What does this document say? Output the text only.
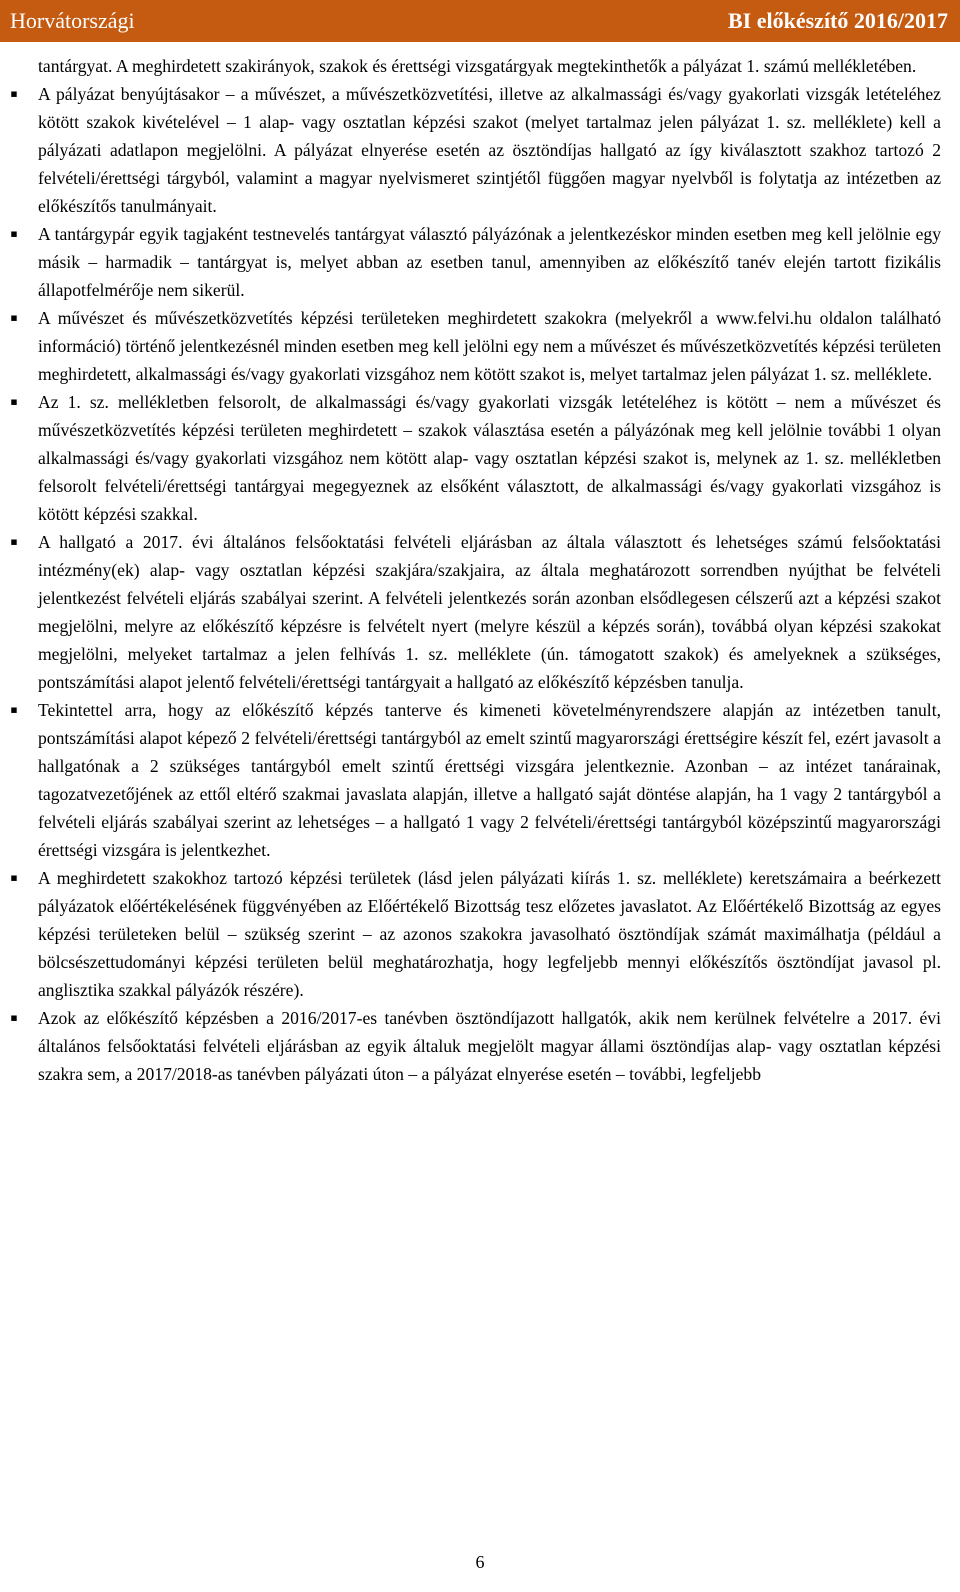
Horvátországi	BI előkészítő 2016/2017

tantárgyat. A meghirdetett szakirányok, szakok és érettségi vizsgatárgyak megtekinthetők a pályázat 1. számú mellékletében.

▪ A pályázat benyújtásakor – a művészet, a művészetközvetítési, illetve az alkalmassági és/vagy gyakorlati vizsgák letételéhez kötött szakok kivételével – 1 alap- vagy osztatlan képzési szakot (melyet tartalmaz jelen pályázat 1. sz. melléklete) kell a pályázati adatlapon megjelölni. A pályázat elnyerése esetén az ösztöndíjas hallgató az így kiválasztott szakhoz tartozó 2 felvételi/érettségi tárgyból, valamint a magyar nyelvismeret szintjétől függően magyar nyelvből is folytatja az intézetben az előkészítős tanulmányait.
▪ A tantárgypár egyik tagjaként testnevelés tantárgyat választó pályázónak a jelentkezéskor minden esetben meg kell jelölnie egy másik – harmadik – tantárgyat is, melyet abban az esetben tanul, amennyiben az előkészítő tanév elején tartott fizikális állapotfelmérője nem sikerül.
▪ A művészet és művészetközvetítés képzési területeken meghirdetett szakokra (melyekről a www.felvi.hu oldalon található információ) történő jelentkezésnél minden esetben meg kell jelölni egy nem a művészet és művészetközvetítés képzési területen meghirdetett, alkalmassági és/vagy gyakorlati vizsgához nem kötött szakot is, melyet tartalmaz jelen pályázat 1. sz. melléklete.
▪ Az 1. sz. mellékletben felsorolt, de alkalmassági és/vagy gyakorlati vizsgák letételéhez is kötött – nem a művészet és művészetközvetítés képzési területen meghirdetett – szakok választása esetén a pályázónak meg kell jelölnie további 1 olyan alkalmassági és/vagy gyakorlati vizsgához nem kötött alap- vagy osztatlan képzési szakot is, melynek az 1. sz. mellékletben felsorolt felvételi/érettségi tantárgyai megegyeznek az elsőként választott, de alkalmassági és/vagy gyakorlati vizsgához is kötött képzési szakkal.
▪ A hallgató a 2017. évi általános felsőoktatási felvételi eljárásban az általa választott és lehetséges számú felsőoktatási intézmény(ek) alap- vagy osztatlan képzési szakjára/szakjaira, az általa meghatározott sorrendben nyújthat be felvételi jelentkezést felvételi eljárás szabályai szerint. A felvételi jelentkezés során azonban elsődlegesen célszerű azt a képzési szakot megjelölni, melyre az előkészítő képzésre is felvételt nyert (melyre készül a képzés során), továbbá olyan képzési szakokat megjelölni, melyeket tartalmaz a jelen felhívás 1. sz. melléklete (ún. támogatott szakok) és amelyeknek a szükséges, pontszámítási alapot jelentő felvételi/érettségi tantárgyait a hallgató az előkészítő képzésben tanulja.
▪ Tekintettel arra, hogy az előkészítő képzés tanterve és kimeneti követelményrendszere alapján az intézetben tanult, pontszámítási alapot képező 2 felvételi/érettségi tantárgyból az emelt szintű magyarországi érettségire készít fel, ezért javasolt a hallgatónak a 2 szükséges tantárgyból emelt szintű érettségi vizsgára jelentkeznie. Azonban – az intézet tanárainak, tagozatvezetőjének az ettől eltérő szakmai javaslata alapján, illetve a hallgató saját döntése alapján, ha 1 vagy 2 tantárgyból a felvételi eljárás szabályai szerint az lehetséges – a hallgató 1 vagy 2 felvételi/érettségi tantárgyból középszintű magyarországi érettségi vizsgára is jelentkezhet.
▪ A meghirdetett szakokhoz tartozó képzési területek (lásd jelen pályázati kiírás 1. sz. melléklete) keretszámaira a beérkezett pályázatok előértékelésének függvényében az Előértékelő Bizottság tesz előzetes javaslatot. Az Előértékelő Bizottság az egyes képzési területeken belül – szükség szerint – az azonos szakokra javasolható ösztöndíjak számát maximálhatja (például a bölcsészettudományi képzési területen belül meghatározhatja, hogy legfeljebb mennyi előkészítős ösztöndíjat javasol pl. anglisztika szakkal pályázók részére).
▪ Azok az előkészítő képzésben a 2016/2017-es tanévben ösztöndíjazott hallgatók, akik nem kerülnek felvételre a 2017. évi általános felsőoktatási felvételi eljárásban az egyik általuk megjelölt magyar állami ösztöndíjas alap- vagy osztatlan képzési szakra sem, a 2017/2018-as tanévben pályázati úton – a pályázat elnyerése esetén – további, legfeljebb
6
